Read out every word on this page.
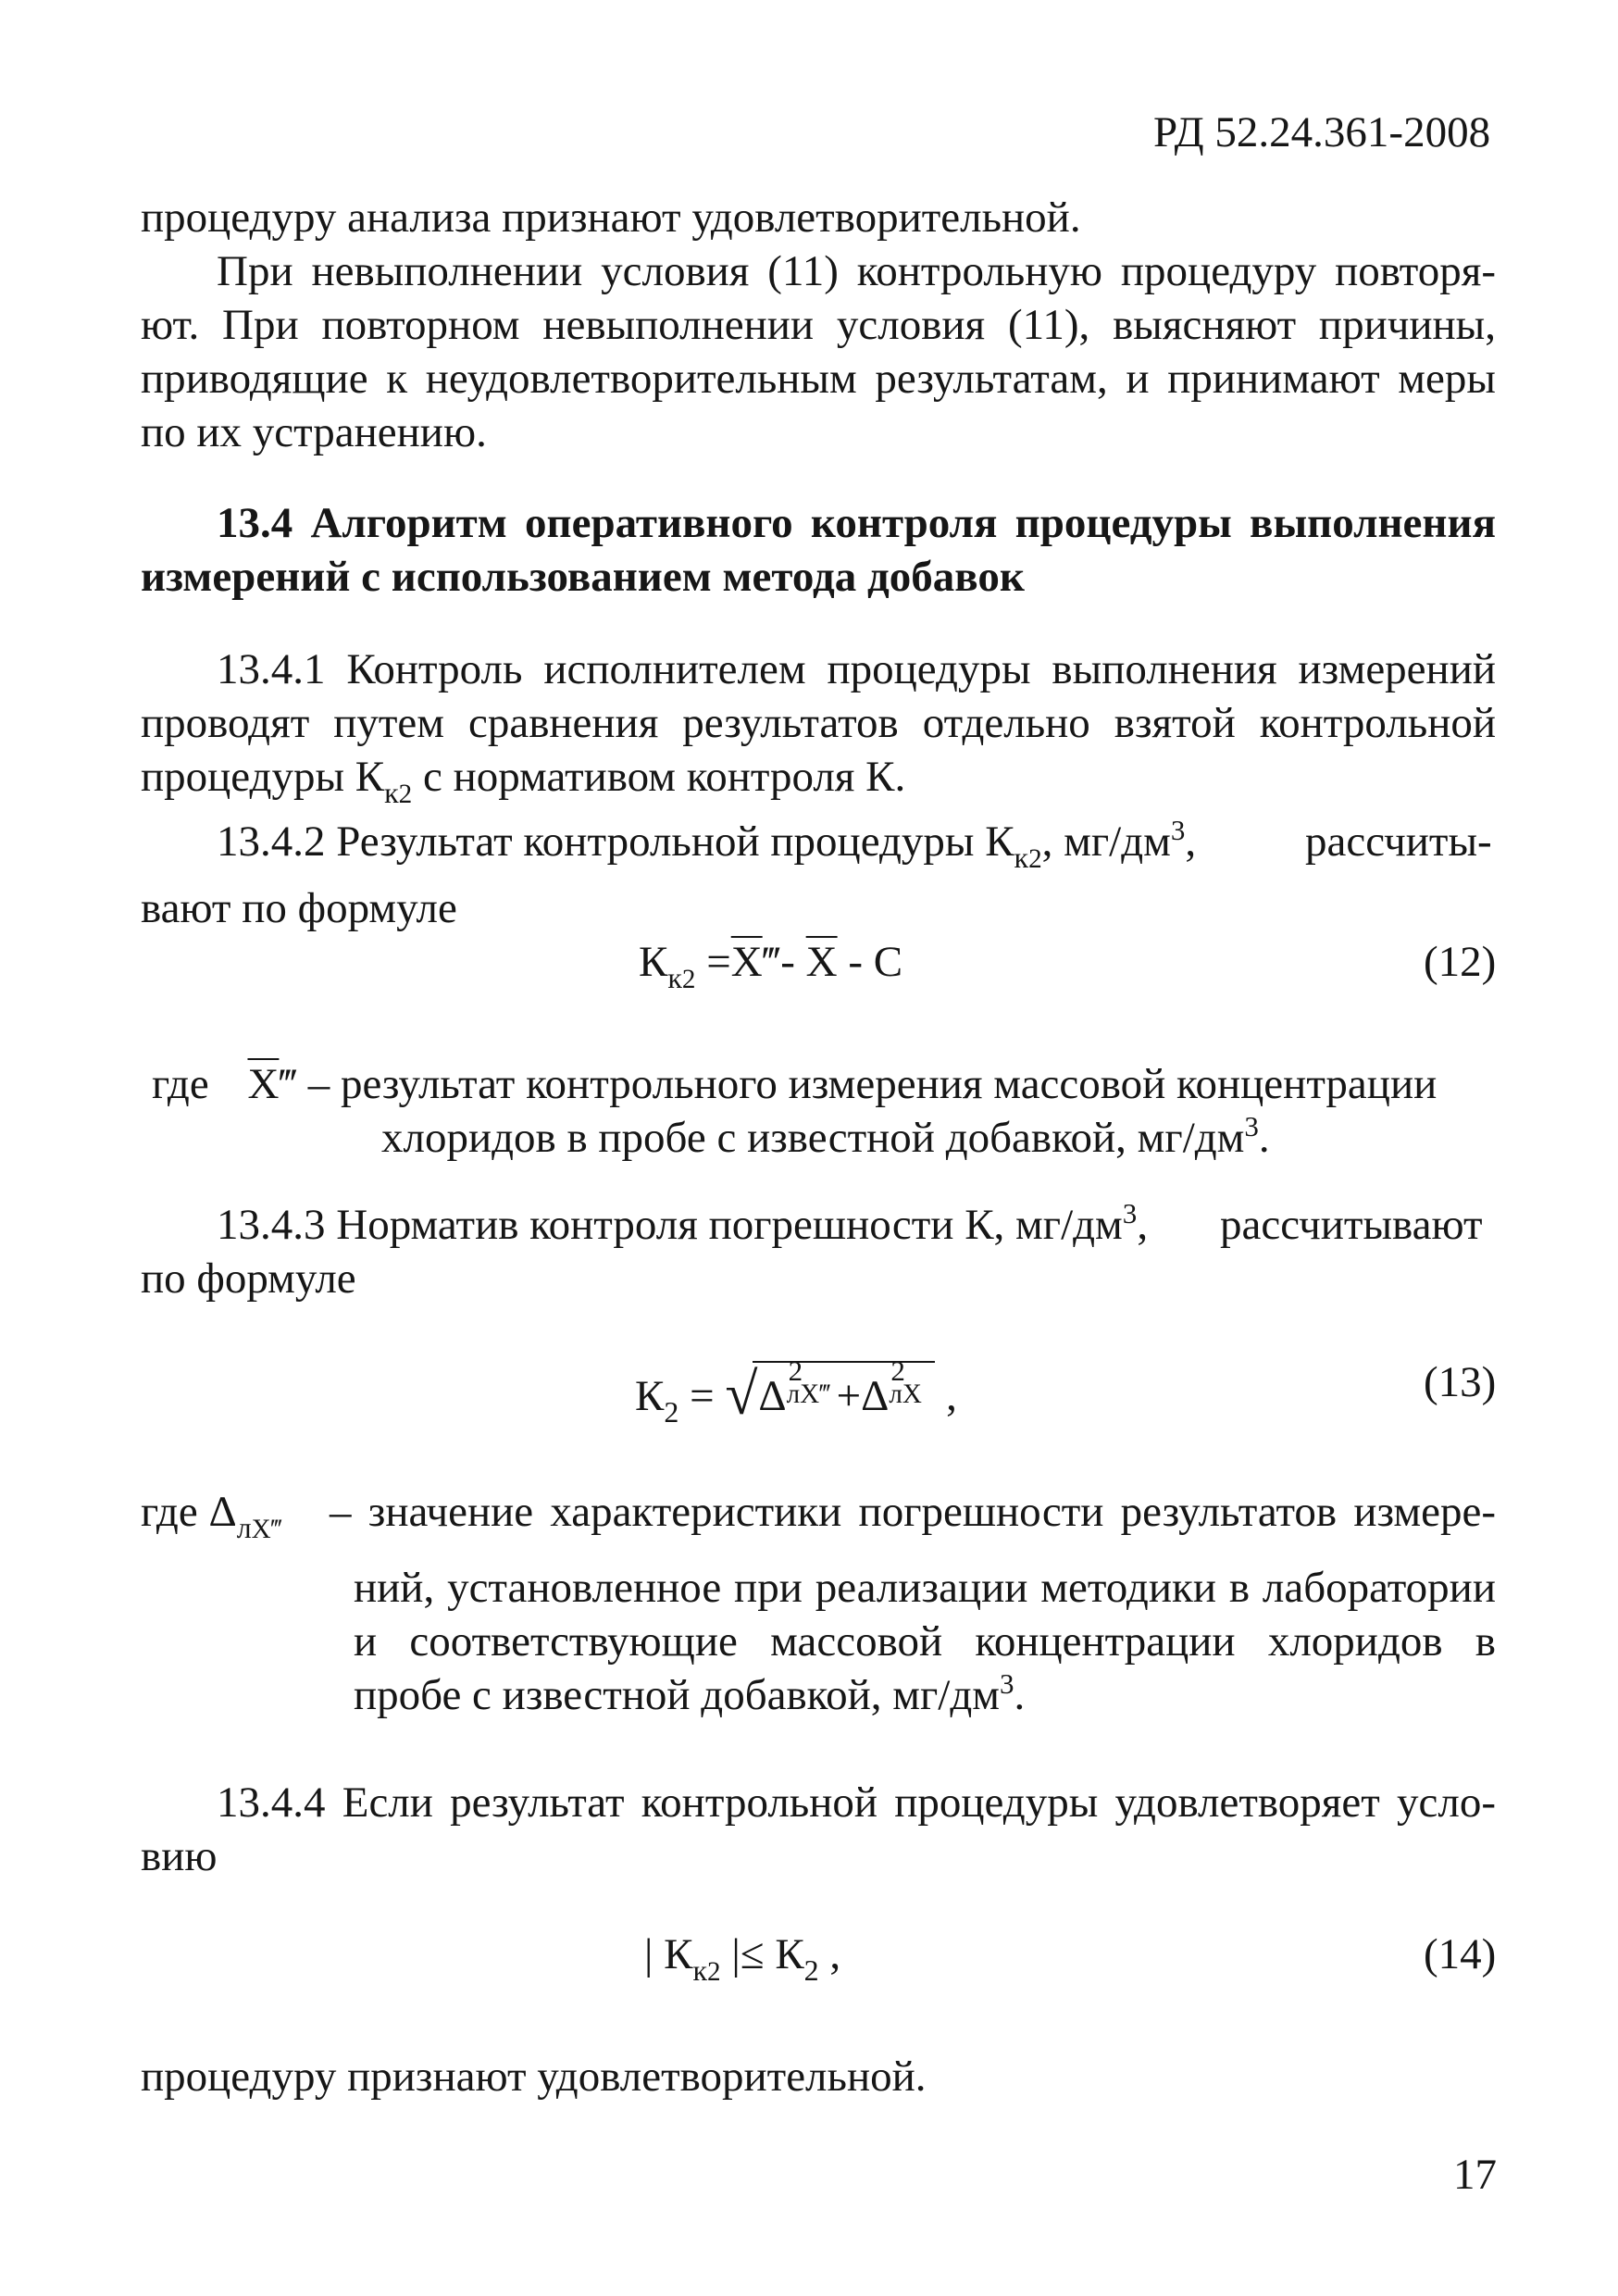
РД 52.24.361-2008
процедуру анализа признают удовлетворительной.
При невыполнении условия (11) контрольную процедуру повторя-
ют. При повторном невыполнении условия (11), выясняют причины,
приводящие к неудовлетворительным результатам, и принимают меры
по их устранению.
13.4 Алгоритм оперативного контроля процедуры выполнения
измерений с использованием метода добавок
13.4.1 Контроль исполнителем процедуры выполнения измерений
проводят путем сравнения результатов отдельно взятой контрольной
процедуры $К_{к2}$ с нормативом контроля К.
13.4.2 Результат контрольной процедуры $К_{к2}$, $мг/дм^3$,	рассчиты-
вают по формуле
$К_{к2}$ $=\overline{X}‴-$ $\overline{X}$ - С	(12)
где $\overline{X}‴$ – результат контрольного измерения массовой концентрации
хлоридов в пробе с известной добавкой, $мг/дм^3$.
13.4.3 Норматив контроля погрешности К, $мг/дм^3$, рассчитывают
по формуле
$К_2$ = √ Δ
2
лХ‴ +Δ
2
лХ ,	(13)
где $\Delta_{лХ‴}$ – значение характеристики погрешности результатов измере-
ний, установленное при реализации методики в лаборатории
и соответствующие массовой концентрации хлоридов в
пробе с известной добавкой, $мг/дм^3$.
13.4.4 Если результат контрольной процедуры удовлетворяет усло-
вию
| $К_{к2}$ |≤ $К_2$ ,	(14)
процедуру признают удовлетворительной.
17
